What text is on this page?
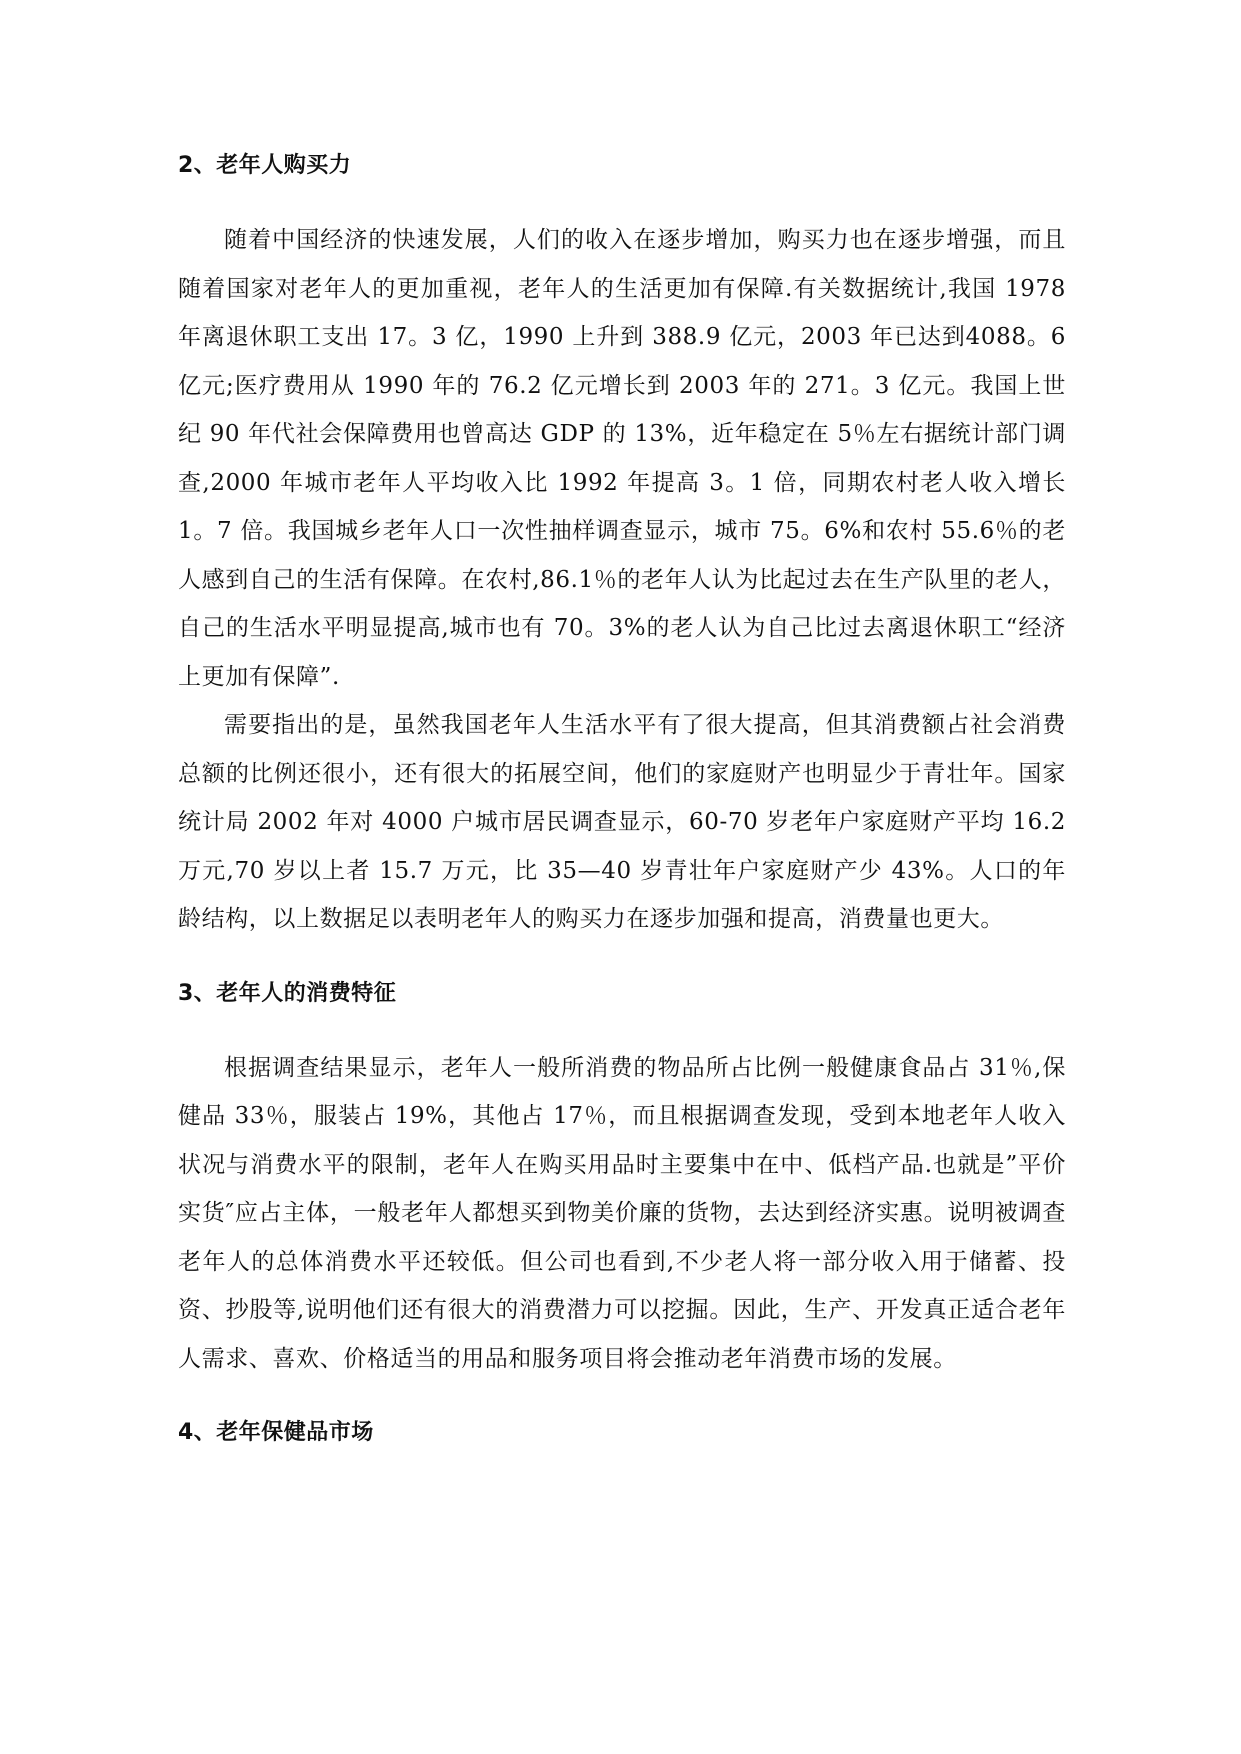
2、老年人购买力

随着中国经济的快速发展，人们的收入在逐步增加，购买力也在逐步增强，而且随着国家对老年人的更加重视，老年人的生活更加有保障.有关数据统计,我国 1978 年离退休职工支出 17。3 亿，1990 上升到 388.9 亿元，2003 年已达到4088。6 亿元;医疗费用从 1990 年的 76.2 亿元增长到 2003 年的 271。3 亿元。我国上世纪 90 年代社会保障费用也曾高达 GDP 的 13%，近年稳定在 5％左右据统计部门调查,2000 年城市老年人平均收入比 1992 年提高 3。1 倍，同期农村老人收入增长 1。7 倍。我国城乡老年人口一次性抽样调查显示，城市 75。6%和农村 55.6％的老人感到自己的生活有保障。在农村,86.1％的老年人认为比起过去在生产队里的老人，自己的生活水平明显提高,城市也有 70。3%的老人认为自己比过去离退休职工“经济上更加有保障”.

需要指出的是，虽然我国老年人生活水平有了很大提高，但其消费额占社会消费总额的比例还很小，还有很大的拓展空间，他们的家庭财产也明显少于青壮年。国家统计局 2002 年对 4000 户城市居民调查显示，60-70 岁老年户家庭财产平均 16.2 万元,70 岁以上者 15.7 万元，比 35—40 岁青壮年户家庭财产少 43%。人口的年龄结构，以上数据足以表明老年人的购买力在逐步加强和提高，消费量也更大。

3、老年人的消费特征

根据调查结果显示，老年人一般所消费的物品所占比例一般健康食品占 31％,保健品 33％，服装占 19%，其他占 17％，而且根据调查发现，受到本地老年人收入状况与消费水平的限制，老年人在购买用品时主要集中在中、低档产品.也就是”平价实货″应占主体，一般老年人都想买到物美价廉的货物，去达到经济实惠。说明被调查老年人的总体消费水平还较低。但公司也看到,不少老人将一部分收入用于储蓄、投资、抄股等,说明他们还有很大的消费潜力可以挖掘。因此，生产、开发真正适合老年人需求、喜欢、价格适当的用品和服务项目将会推动老年消费市场的发展。

4、老年保健品市场
